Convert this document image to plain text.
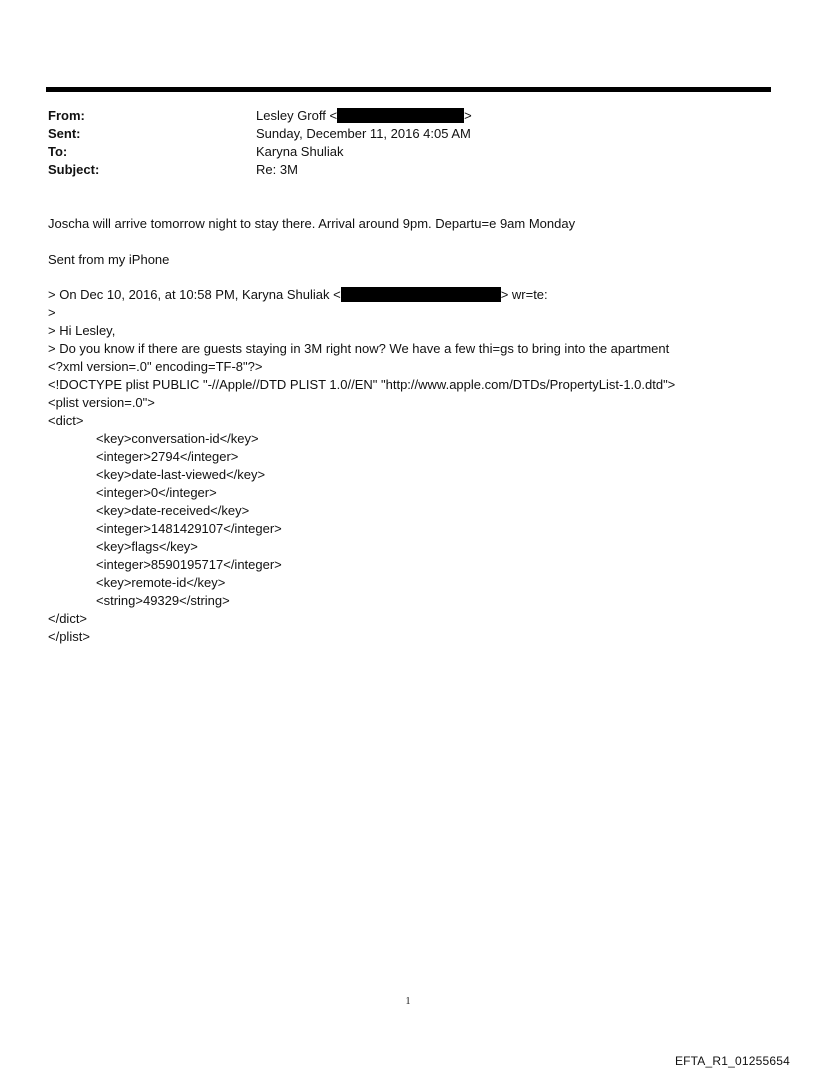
From:	Lesley Groff <	>
Sent:	Sunday, December 11, 2016 4:05 AM
To:	Karyna Shuliak
Subject:	Re: 3M
Joscha will arrive tomorrow night to stay there. Arrival around 9pm. Departu=e 9am Monday
Sent from my iPhone
> On Dec 10, 2016, at 10:58 PM, Karyna Shuliak <	> wr=te:
>
> Hi Lesley,
> Do you know if there are guests staying in 3M right now? We have a few thi=gs to bring into the apartment
<?xml version=.0" encoding=TF-8"?>
<!DOCTYPE plist PUBLIC "-//Apple//DTD PLIST 1.0//EN" "http://www.apple.com/DTDs/PropertyList-1.0.dtd">
<plist version=.0">
<dict>
<key>conversation-id</key>
<integer>2794</integer>
<key>date-last-viewed</key>
<integer>0</integer>
<key>date-received</key>
<integer>1481429107</integer>
<key>flags</key>
<integer>8590195717</integer>
<key>remote-id</key>
<string>49329</string>
</dict>
</plist>
1
EFTA_R1_01255654
